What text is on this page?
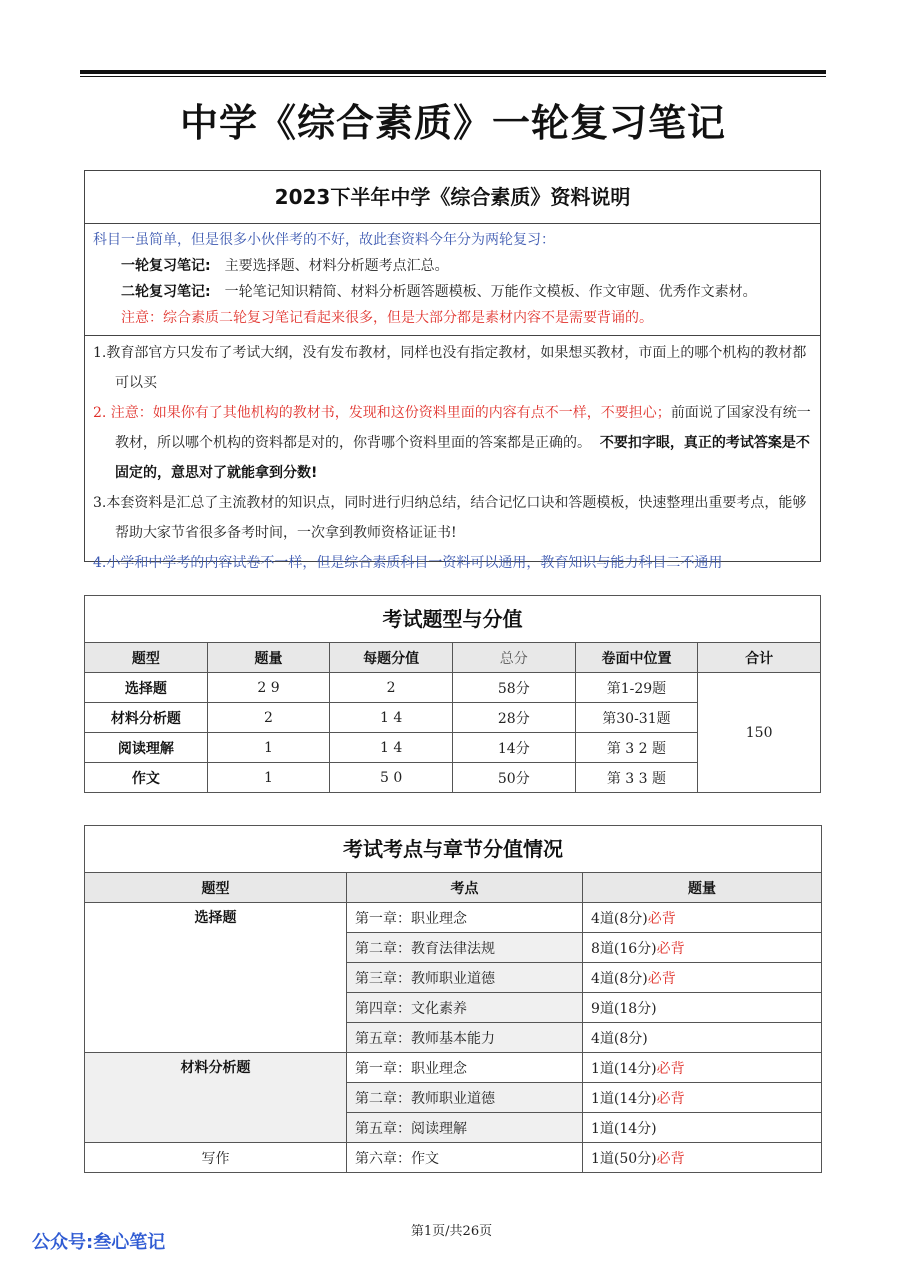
中学《综合素质》一轮复习笔记
2023下半年中学《综合素质》资料说明
科目一虽简单，但是很多小伙伴考的不好，故此套资料今年分为两轮复习：
一轮复习笔记: 主要选择题、材料分析题考点汇总。
二轮复习笔记: 一轮笔记知识精简、材料分析题答题模板、万能作文模板、作文审题、优秀作文素材。
注意：综合素质二轮复习笔记看起来很多，但是大部分都是素材内容不是需要背诵的。
1.教育部官方只发布了考试大纲，没有发布教材，同样也没有指定教材，如果想买教材，市面上的哪个机构的教材都可以买
2. 注意：如果你有了其他机构的教材书，发现和这份资料里面的内容有点不一样，不要担心；前面说了国家没有统一教材，所以哪个机构的资料都是对的，你背哪个资料里面的答案都是正确的。 不要扣字眼，真正的考试答案是不固定的，意思对了就能拿到分数!
3.本套资料是汇总了主流教材的知识点，同时进行归纳总结，结合记忆口诀和答题模板，快速整理出重要考点，能够帮助大家节省很多备考时间，一次拿到教师资格证证书!
4.小学和中学考的内容试卷不一样，但是综合素质科目一资料可以通用，教育知识与能力科目二不通用
考试题型与分值					
题型	题量	每题分值	总分	卷面中位置	合计
选择题	2 9	2	58分	第1-29题	150
材料分析题	2	1 4	28分	第30-31题	
阅读理解	1	1 4	14分	第 3 2 题	
作文	1	5 0	50分	第 3 3 题	
考试考点与章节分值情况		
题型	考点	题量
选择题	第一章：职业理念	4道(8分)必背
	第二章：教育法律法规	8道(16分)必背
	第三章：教师职业道德	4道(8分)必背
	第四章：文化素养	9道(18分)
	第五章：教师基本能力	4道(8分)
材料分析题	第一章：职业理念	1道(14分)必背
	第二章：教师职业道德	1道(14分)必背
	第五章：阅读理解	1道(14分)
写作	第六章：作文	1道(50分)必背
第1页/共26页
公众号:叁心笔记
